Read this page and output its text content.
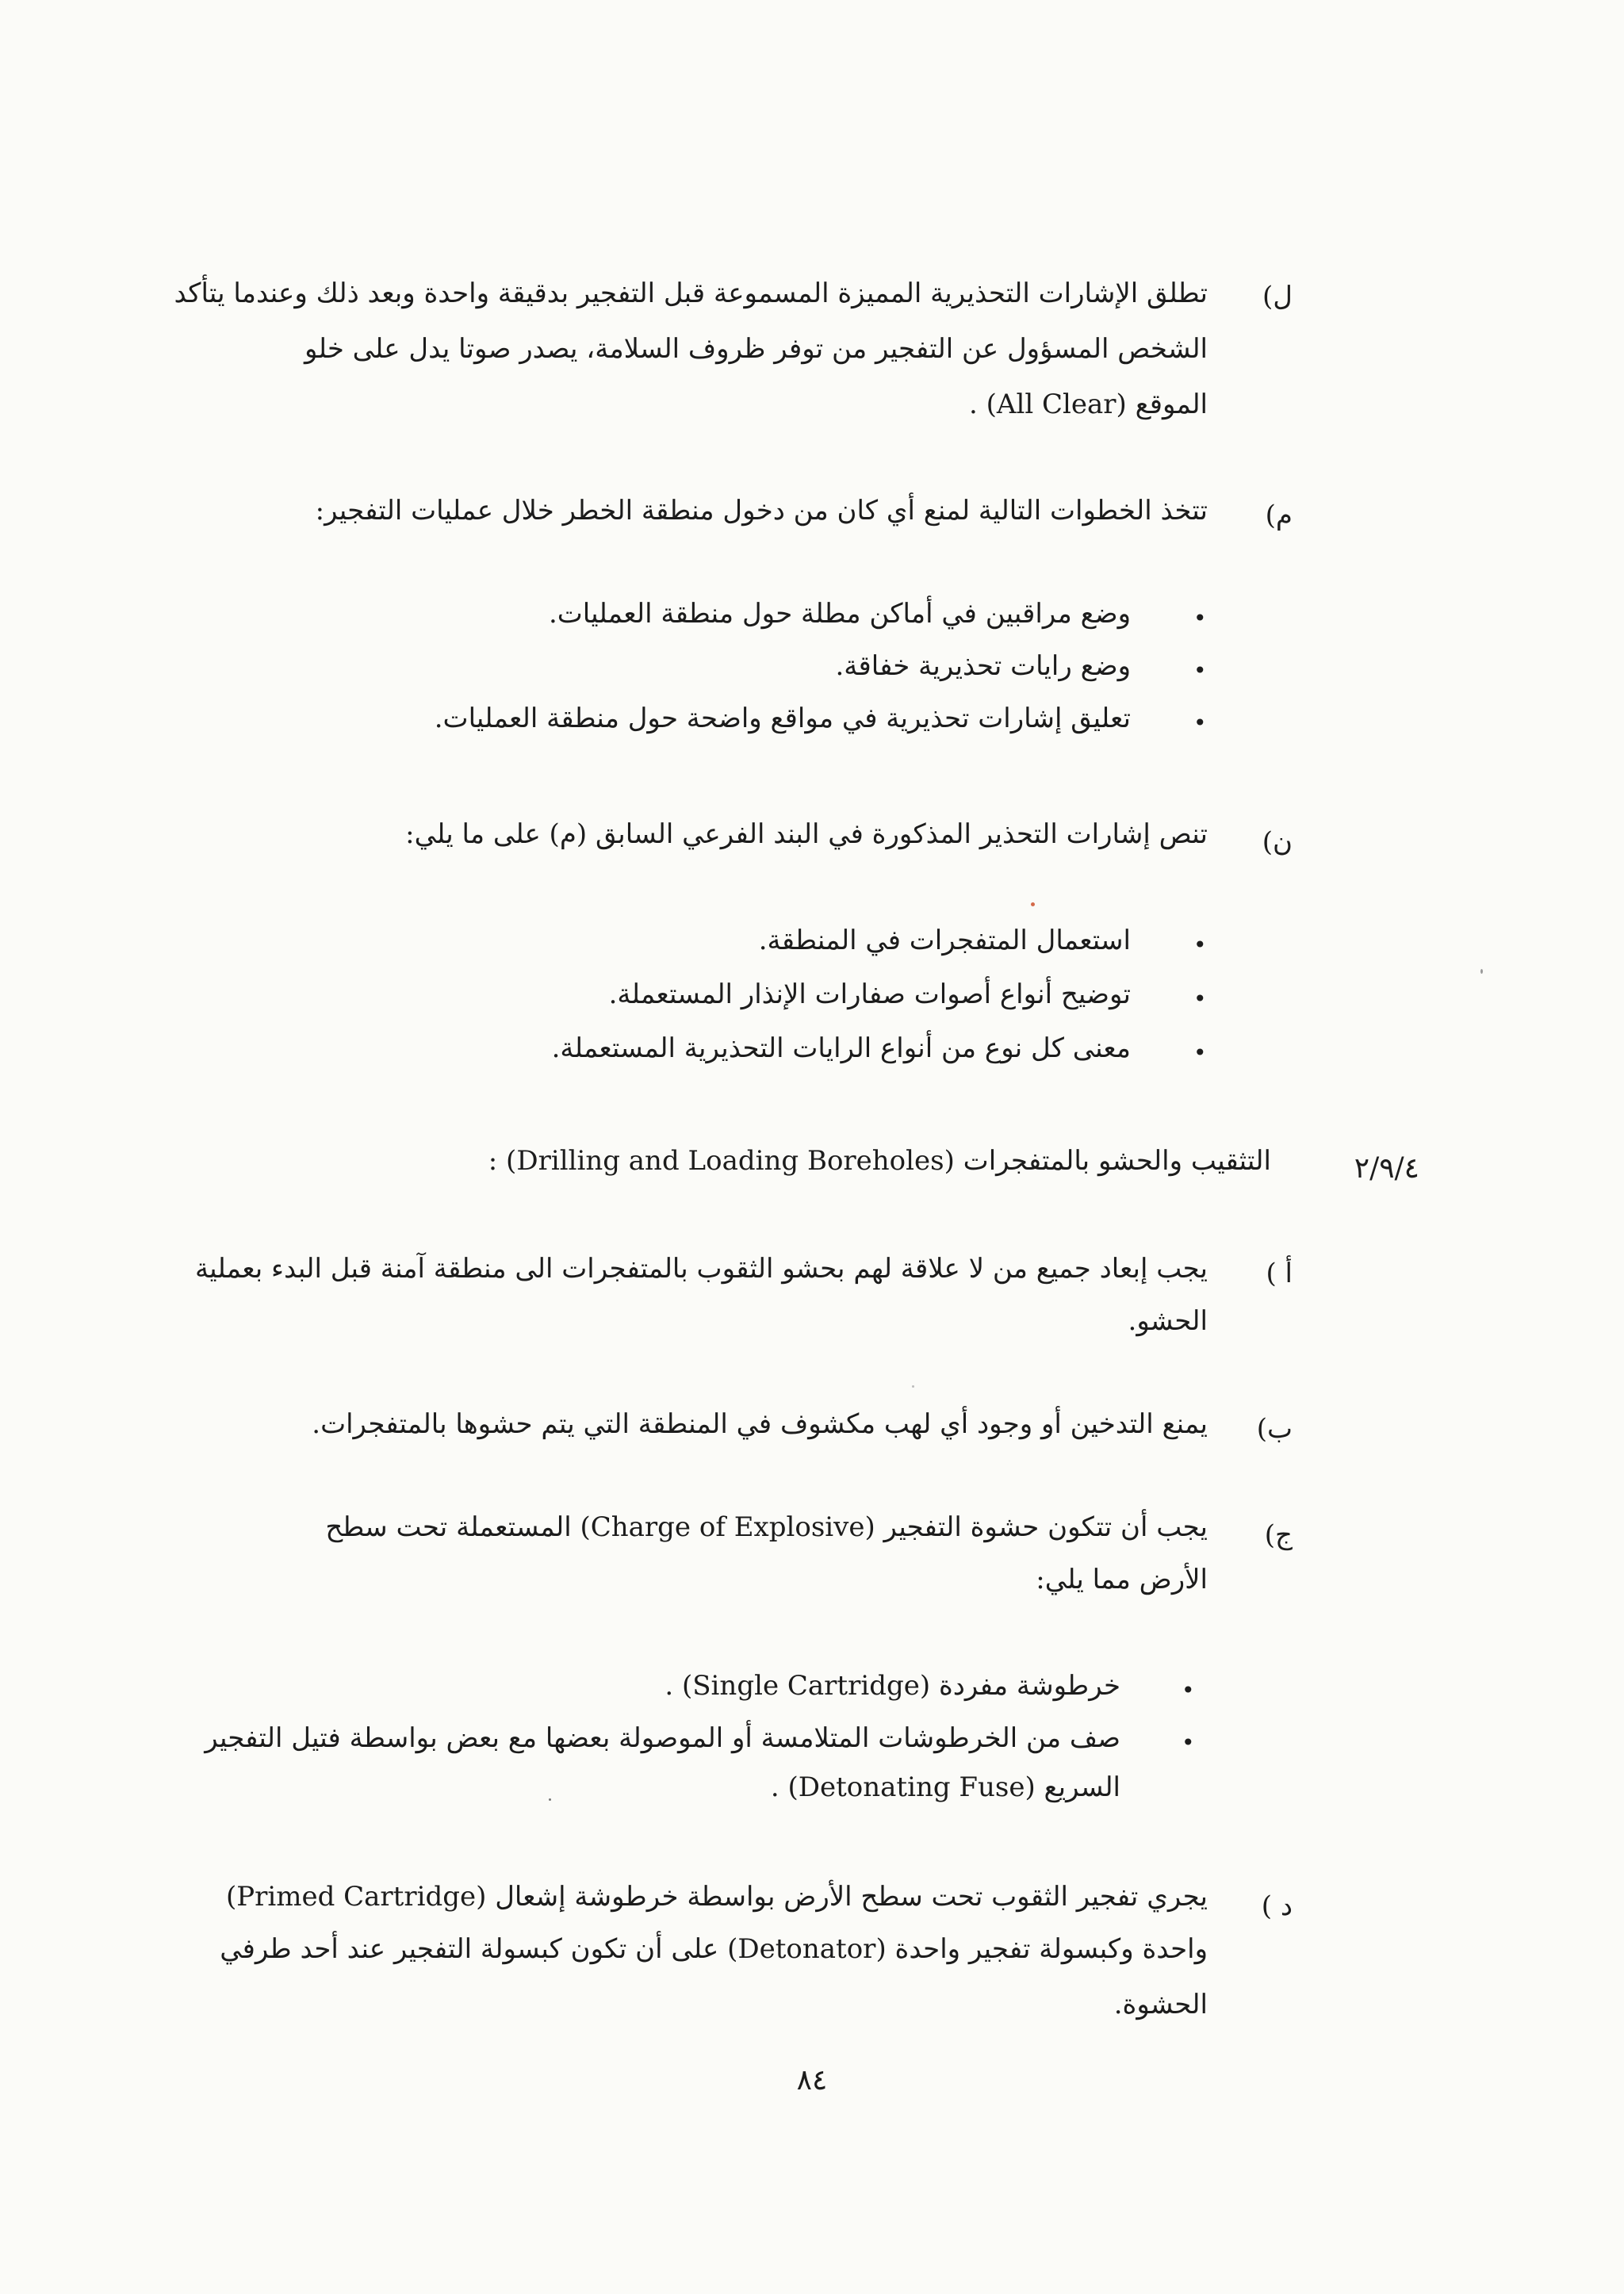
ل)
تطلق الإشارات التحذيرية المميزة المسموعة قبل التفجير بدقيقة واحدة وبعد ذلك وعندما يتأكد
الشخص المسؤول عن التفجير من توفر ظروف السلامة، يصدر صوتا يدل على خلو
الموقع (All Clear) .
م)
تتخذ الخطوات التالية لمنع أي كان من دخول منطقة الخطر خلال عمليات التفجير:
•
وضع مراقبين في أماكن مطلة حول منطقة العمليات.
•
وضع رايات تحذيرية خفاقة.
•
تعليق إشارات تحذيرية في مواقع واضحة حول منطقة العمليات.
ن)
تنص إشارات التحذير المذكورة في البند الفرعي السابق (م) على ما يلي:
•
استعمال المتفجرات في المنطقة.
•
توضيح أنواع أصوات صفارات الإنذار المستعملة.
•
معنى كل نوع من أنواع الرايات التحذيرية المستعملة.
٢/٩/٤
التثقيب والحشو بالمتفجرات (Drilling and Loading Boreholes) :
أ )
يجب إبعاد جميع من لا علاقة لهم بحشو الثقوب بالمتفجرات الى منطقة آمنة قبل البدء بعملية
الحشو.
ب)
يمنع التدخين أو وجود أي لهب مكشوف في المنطقة التي يتم حشوها بالمتفجرات.
ج)
يجب أن تتكون حشوة التفجير (Charge of Explosive) المستعملة تحت سطح
الأرض مما يلي:
•
خرطوشة مفردة (Single Cartridge) .
•
صف من الخرطوشات المتلامسة أو الموصولة بعضها مع بعض بواسطة فتيل التفجير
السريع (Detonating Fuse) .
د )
يجري تفجير الثقوب تحت سطح الأرض بواسطة خرطوشة إشعال (Primed Cartridge)
واحدة وكبسولة تفجير واحدة (Detonator) على أن تكون كبسولة التفجير عند أحد طرفي
الحشوة.
٨٤
